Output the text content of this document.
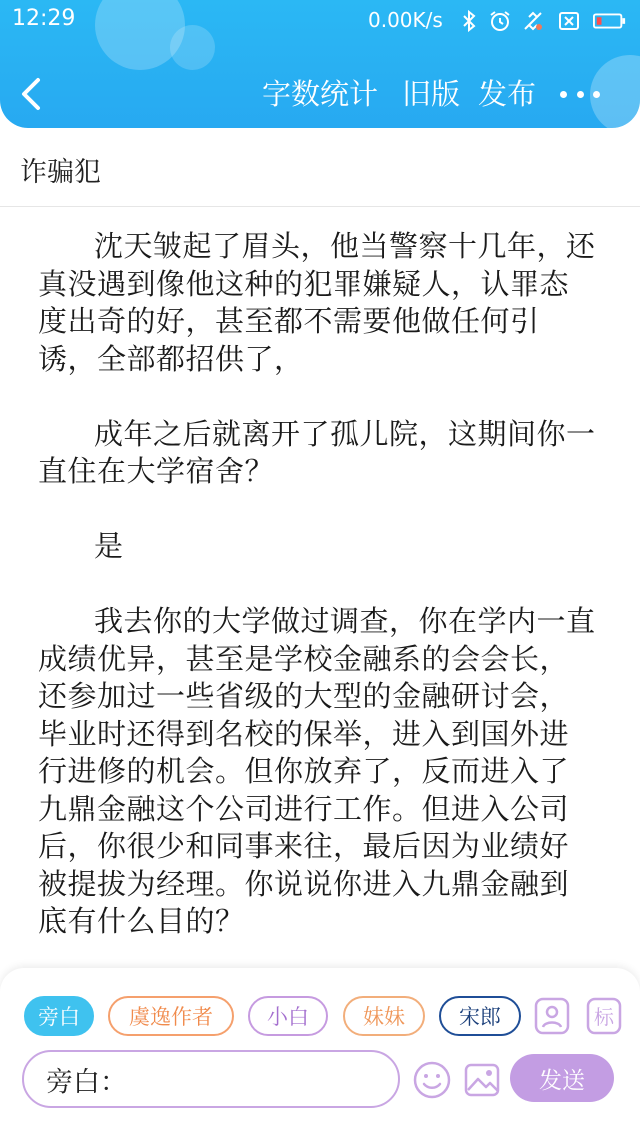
12:29	0.00K/s
字数统计 旧版 发布
诈骗犯

沈天皱起了眉头，他当警察十几年，还真没遇到像他这种的犯罪嫌疑人，认罪态度出奇的好，甚至都不需要他做任何引诱，全部都招供了，

成年之后就离开了孤儿院，这期间你一直住在大学宿舍？

是

我去你的大学做过调查，你在学内一直成绩优异，甚至是学校金融系的会会长，还参加过一些省级的大型的金融研讨会，毕业时还得到名校的保举，进入到国外进行进修的机会。但你放弃了，反而进入了九鼎金融这个公司进行工作。但进入公司后，你很少和同事来往，最后因为业绩好被提拔为经理。你说说你进入九鼎金融到底有什么目的？

旁白	虞逸作者	小白	妹妹	宋郎	标
旁白：	发送
